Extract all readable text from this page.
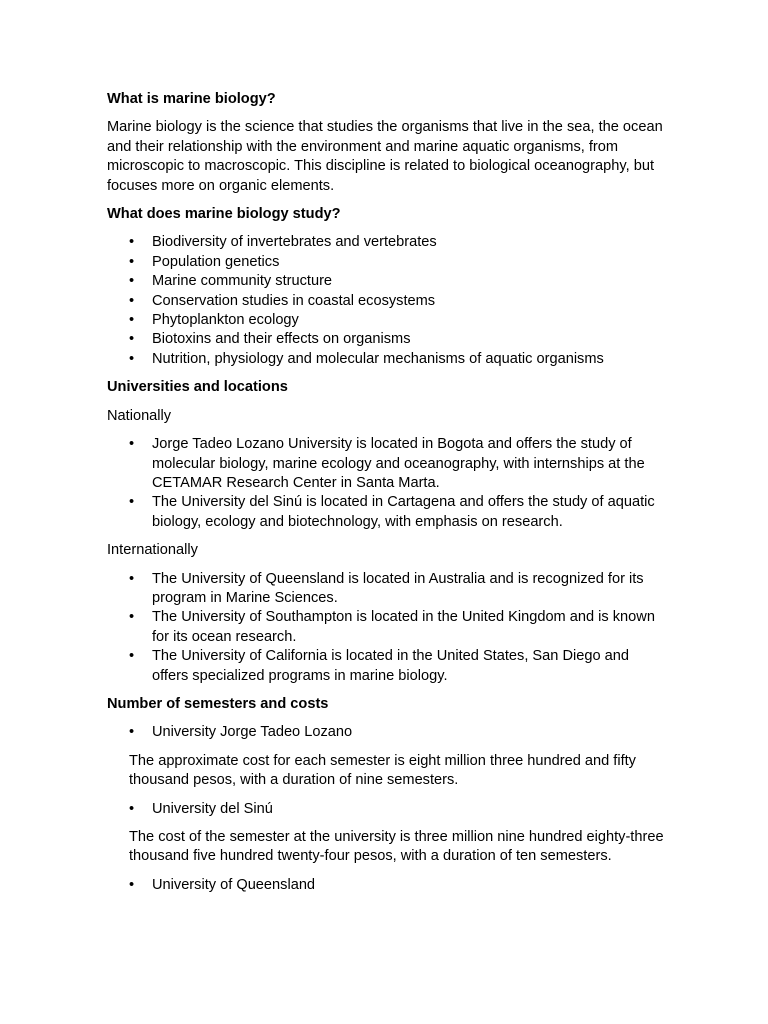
What is marine biology?

Marine biology is the science that studies the organisms that live in the sea, the ocean and their relationship with the environment and marine aquatic organisms, from microscopic to macroscopic. This discipline is related to biological oceanography, but focuses more on organic elements.

What does marine biology study?
• Biodiversity of invertebrates and vertebrates
• Population genetics
• Marine community structure
• Conservation studies in coastal ecosystems
• Phytoplankton ecology
• Biotoxins and their effects on organisms
• Nutrition, physiology and molecular mechanisms of aquatic organisms
Universities and locations

Nationally

• Jorge Tadeo Lozano University is located in Bogota and offers the study of molecular biology, marine ecology and oceanography, with internships at the CETAMAR Research Center in Santa Marta.
• The University del Sinú is located in Cartagena and offers the study of aquatic biology, ecology and biotechnology, with emphasis on research.

Internationally

• The University of Queensland is located in Australia and is recognized for its program in Marine Sciences.
• The University of Southampton is located in the United Kingdom and is known for its ocean research.
• The University of California is located in the United States, San Diego and offers specialized programs in marine biology.
Number of semesters and costs
• University Jorge Tadeo Lozano

The approximate cost for each semester is eight million three hundred and fifty thousand pesos, with a duration of nine semesters.

• University del Sinú

The cost of the semester at the university is three million nine hundred eighty-three thousand five hundred twenty-four pesos, with a duration of ten semesters.

• University of Queensland
